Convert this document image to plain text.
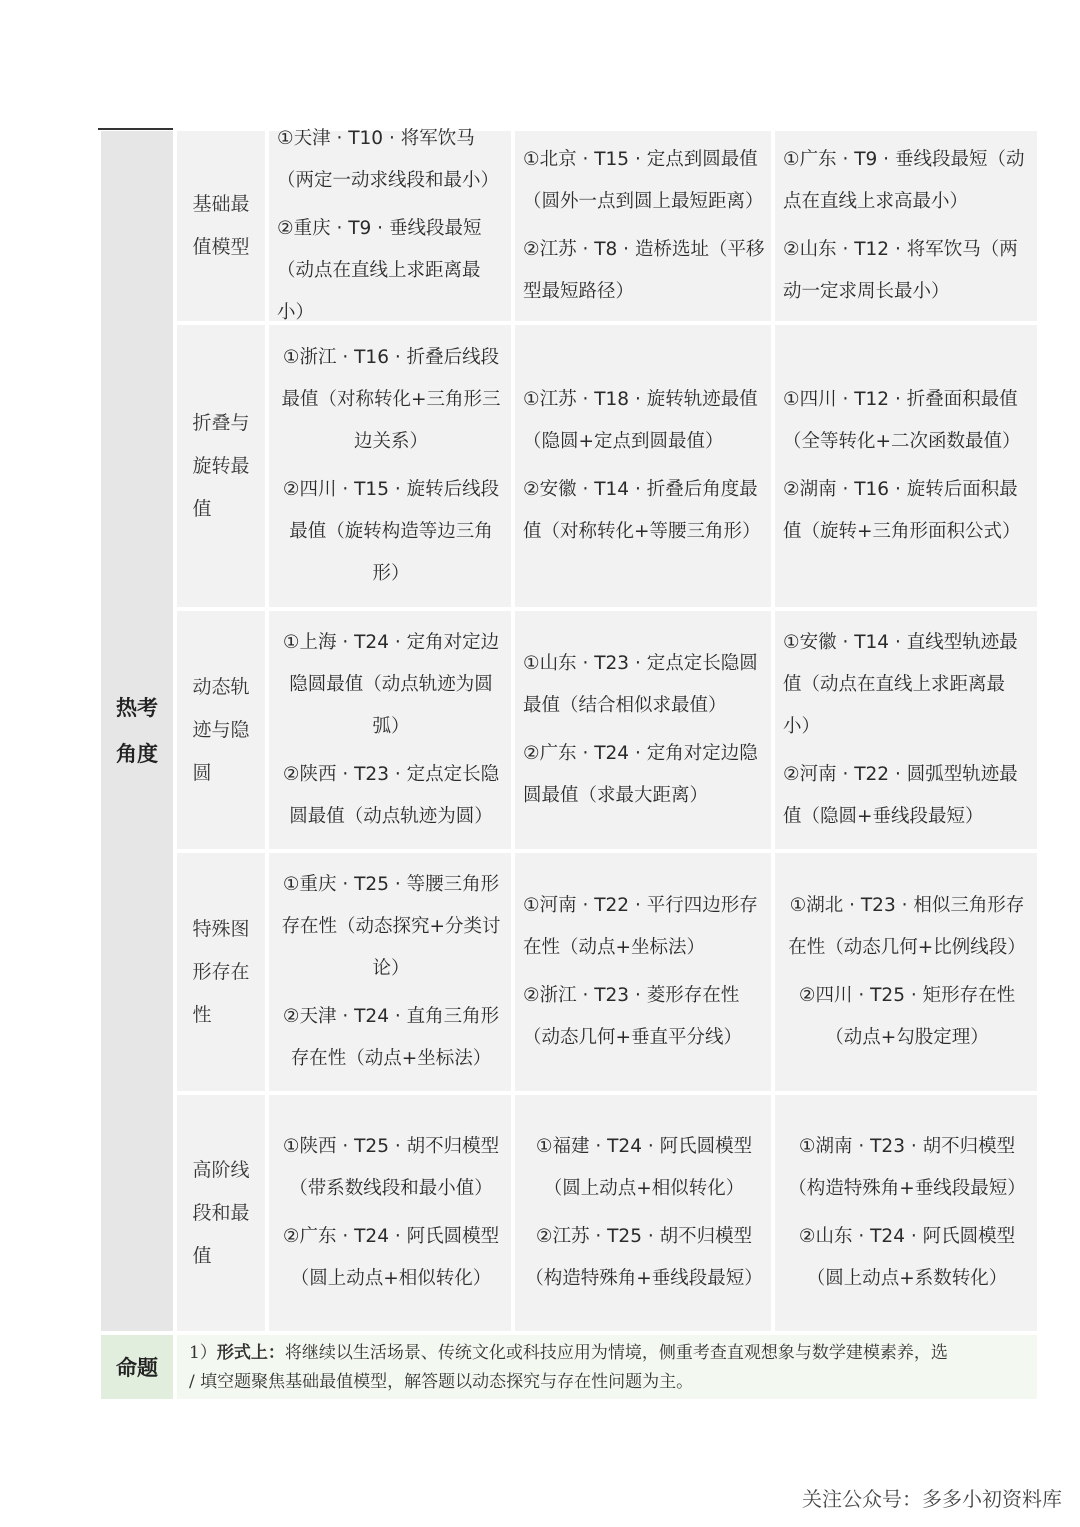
热考角度
基础最值模型
①天津 · T10 · 将军饮马（两定一动求线段和最小）
②重庆 · T9 · 垂线段最短（动点在直线上求距离最小）
①北京 · T15 · 定点到圆最值（圆外一点到圆上最短距离）
②江苏 · T8 · 造桥选址（平移型最短路径）
①广东 · T9 · 垂线段最短（动点在直线上求高最小）
②山东 · T12 · 将军饮马（两动一定求周长最小）
折叠与旋转最值
①浙江 · T16 · 折叠后线段最值（对称转化+三角形三边关系）
②四川 · T15 · 旋转后线段最值（旋转构造等边三角形）
①江苏 · T18 · 旋转轨迹最值（隐圆+定点到圆最值）
②安徽 · T14 · 折叠后角度最值（对称转化+等腰三角形）
①四川 · T12 · 折叠面积最值（全等转化+二次函数最值）
②湖南 · T16 · 旋转后面积最值（旋转+三角形面积公式）
动态轨迹与隐圆
①上海 · T24 · 定角对定边隐圆最值（动点轨迹为圆弧）
②陕西 · T23 · 定点定长隐圆最值（动点轨迹为圆）
①山东 · T23 · 定点定长隐圆最值（结合相似求最值）
②广东 · T24 · 定角对定边隐圆最值（求最大距离）
①安徽 · T14 · 直线型轨迹最值（动点在直线上求距离最小）
②河南 · T22 · 圆弧型轨迹最值（隐圆+垂线段最短）
特殊图形存在性
①重庆 · T25 · 等腰三角形存在性（动态探究+分类讨论）
②天津 · T24 · 直角三角形存在性（动点+坐标法）
①河南 · T22 · 平行四边形存在性（动点+坐标法）
②浙江 · T23 · 菱形存在性（动态几何+垂直平分线）
①湖北 · T23 · 相似三角形存在性（动态几何+比例线段）
②四川 · T25 · 矩形存在性（动点+勾股定理）
高阶线段和最值
①陕西 · T25 · 胡不归模型（带系数线段和最小值）
②广东 · T24 · 阿氏圆模型（圆上动点+相似转化）
①福建 · T24 · 阿氏圆模型（圆上动点+相似转化）
②江苏 · T25 · 胡不归模型（构造特殊角+垂线段最短）
①湖南 · T23 · 胡不归模型（构造特殊角+垂线段最短）
②山东 · T24 · 阿氏圆模型（圆上动点+系数转化）
命题
1）形式上：将继续以生活场景、传统文化或科技应用为情境，侧重考查直观想象与数学建模素养，选
/ 填空题聚焦基础最值模型，解答题以动态探究与存在性问题为主。
关注公众号：多多小初资料库
